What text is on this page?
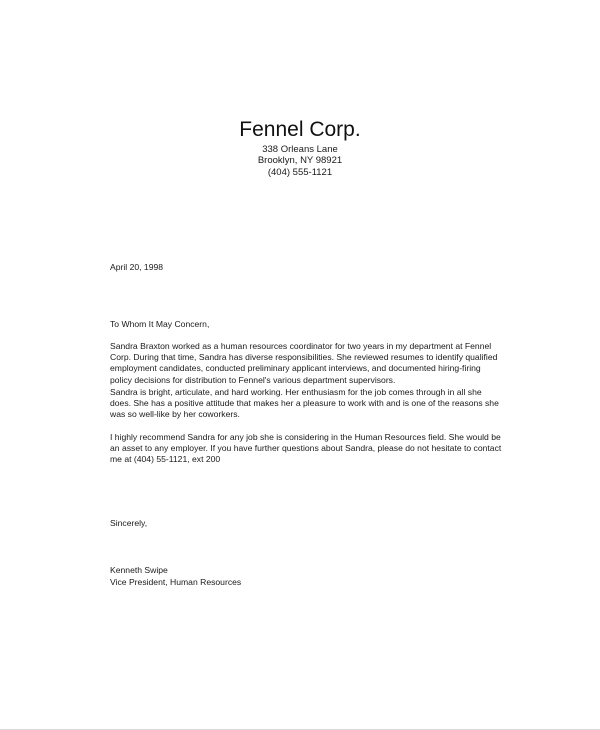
Fennel Corp.
338 Orleans Lane
Brooklyn, NY 98921
(404) 555-1121

April 20, 1998

To Whom It May Concern,

Sandra Braxton worked as a human resources coordinator for two years in my department at Fennel Corp. During that time, Sandra has diverse responsibilities. She reviewed resumes to identify qualified employment candidates, conducted preliminary applicant interviews, and documented hiring-firing policy decisions for distribution to Fennel's various department supervisors.

Sandra is bright, articulate, and hard working. Her enthusiasm for the job comes through in all she does. She has a positive attitude that makes her a pleasure to work with and is one of the reasons she was so well-like by her coworkers.

I highly recommend Sandra for any job she is considering in the Human Resources field. She would be an asset to any employer. If you have further questions about Sandra, please do not hesitate to contact me at (404) 55-1121, ext 200

Sincerely,

Kenneth Swipe

Vice President, Human Resources
